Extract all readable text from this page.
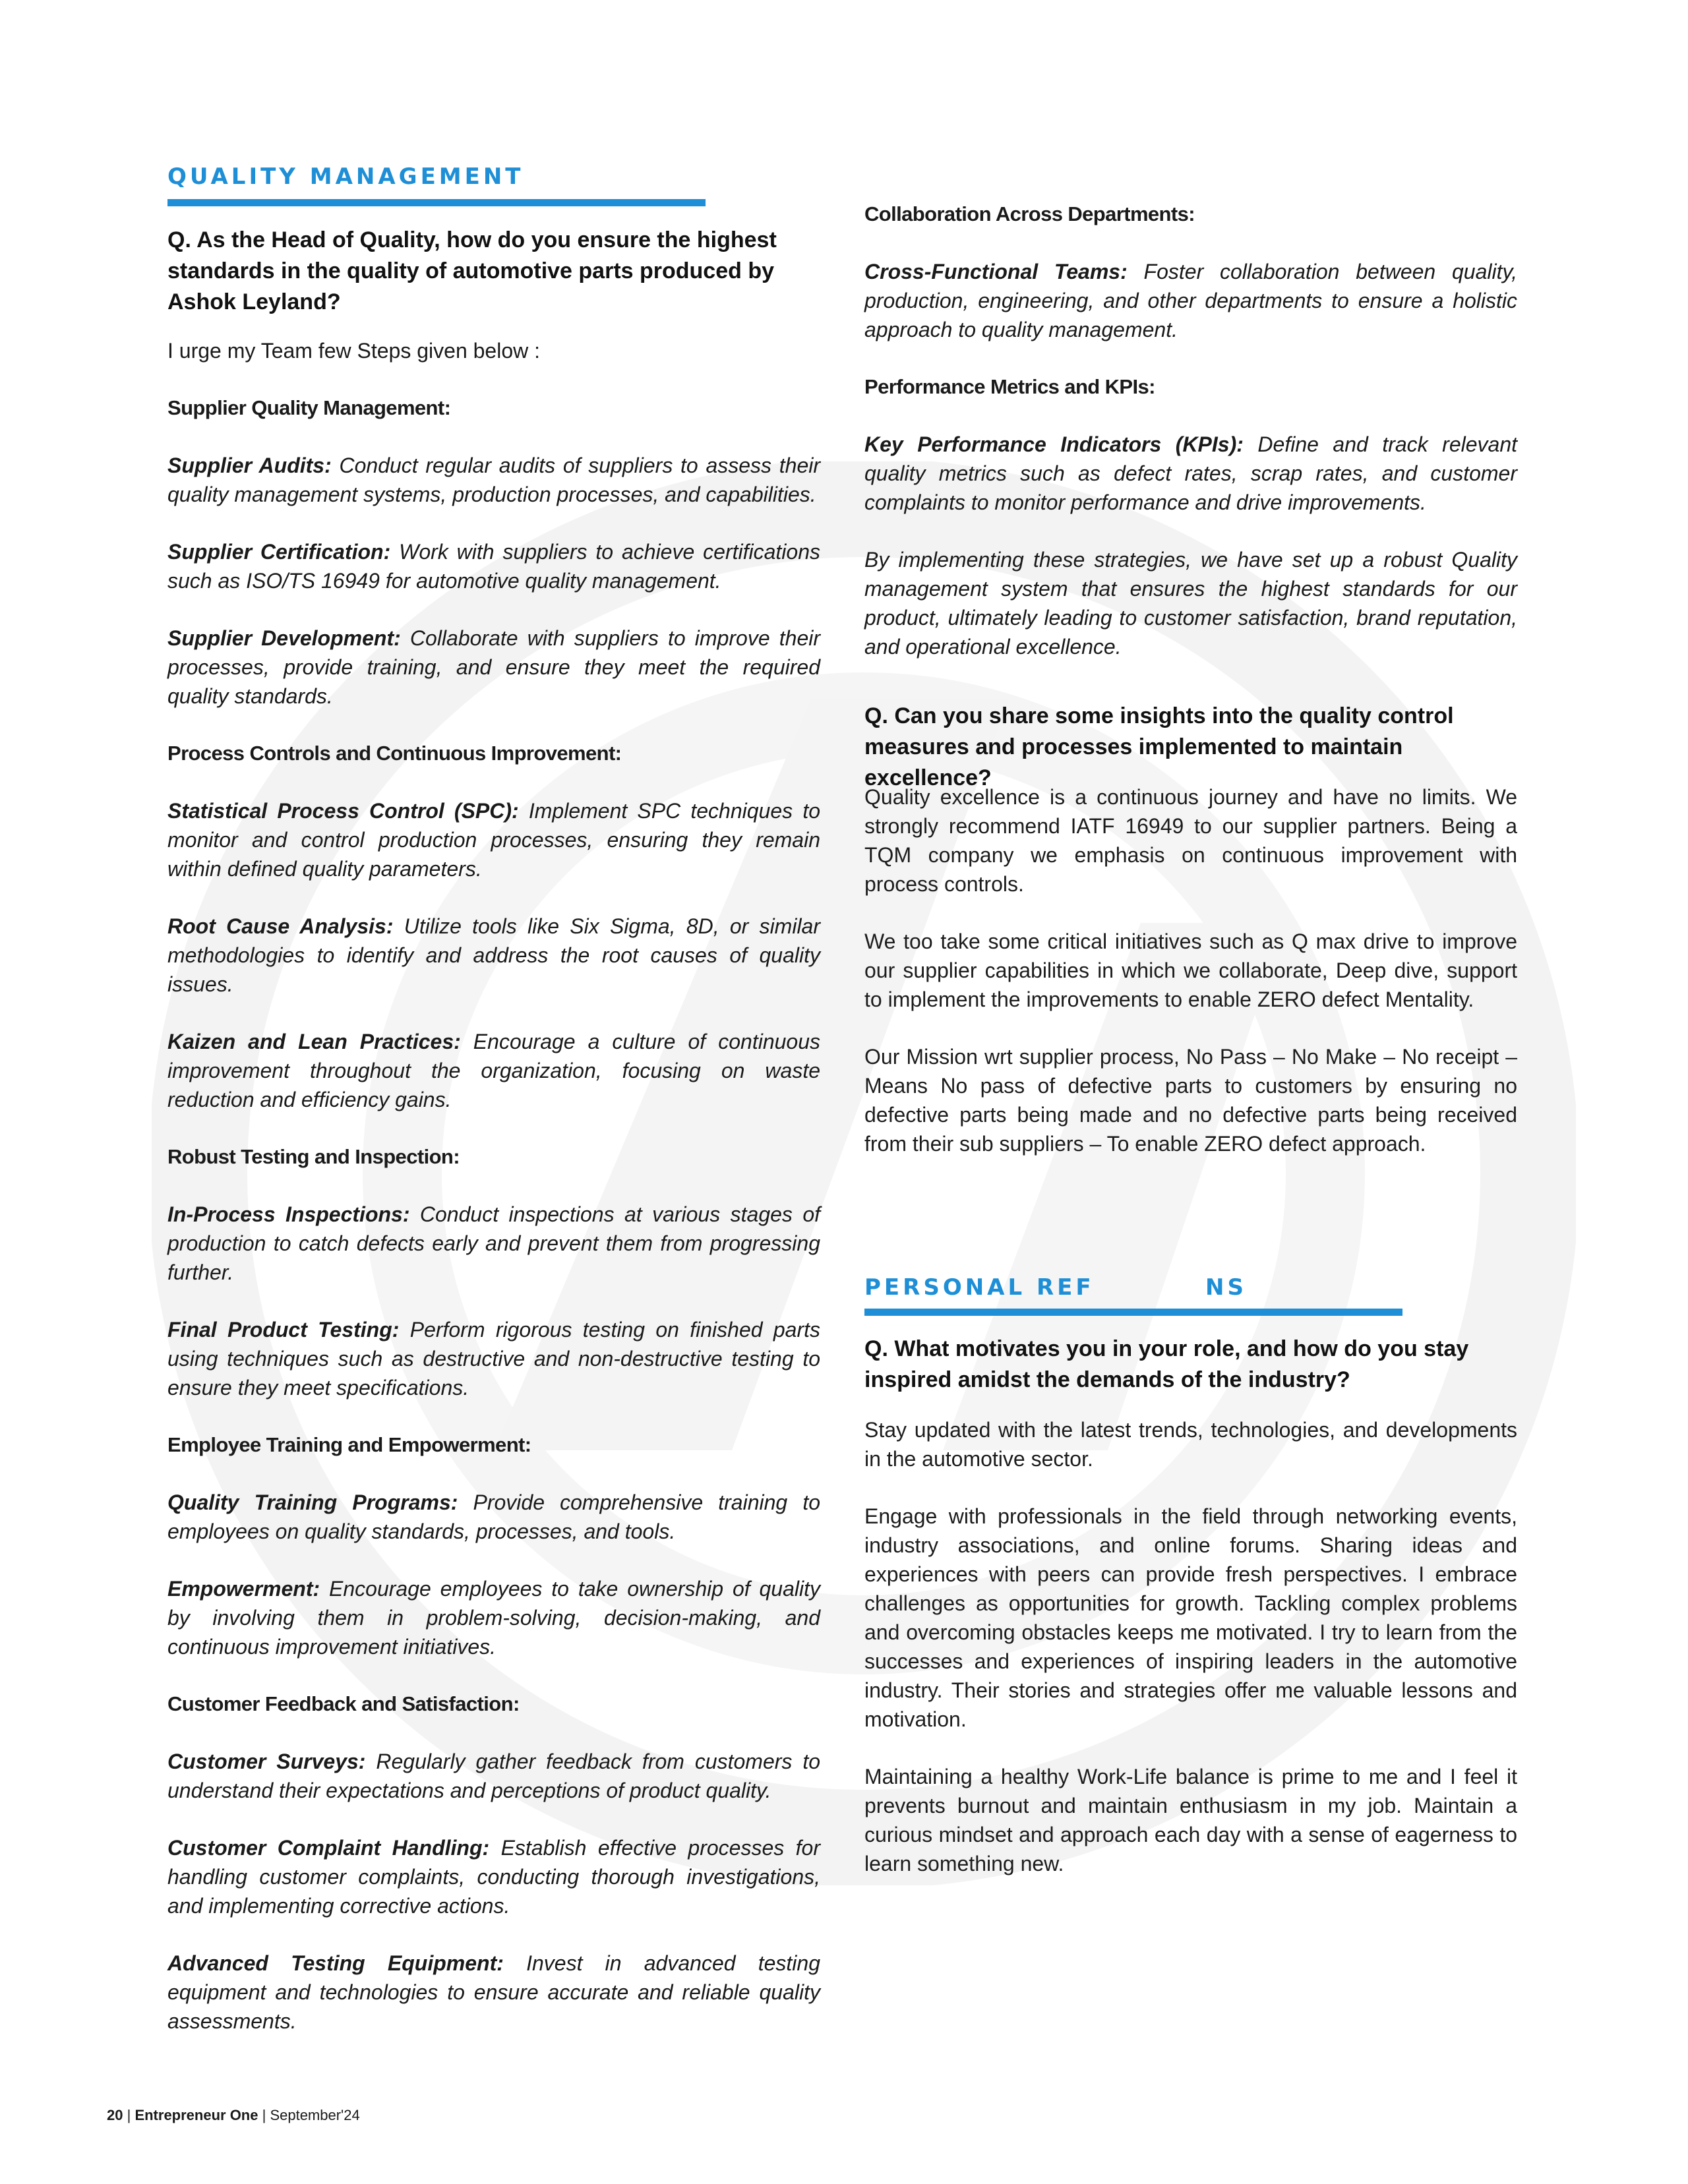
QUALITY MANAGEMENT

Q. As the Head of Quality, how do you ensure the highest standards in the quality of automotive parts produced by Ashok Leyland?

I urge my Team few Steps given below :

Supplier Quality Management:

Supplier Audits: Conduct regular audits of suppliers to assess their quality management systems, production processes, and capabilities.

Supplier Certification: Work with suppliers to achieve certifications such as ISO/TS 16949 for automotive quality management.

Supplier Development: Collaborate with suppliers to improve their processes, provide training, and ensure they meet the required quality standards.

Process Controls and Continuous Improvement:

Statistical Process Control (SPC): Implement SPC techniques to monitor and control production processes, ensuring they remain within defined quality parameters.

Root Cause Analysis: Utilize tools like Six Sigma, 8D, or similar methodologies to identify and address the root causes of quality issues.

Kaizen and Lean Practices: Encourage a culture of continuous improvement throughout the organization, focusing on waste reduction and efficiency gains.

Robust Testing and Inspection:

In-Process Inspections: Conduct inspections at various stages of production to catch defects early and prevent them from progressing further.

Final Product Testing: Perform rigorous testing on finished parts using techniques such as destructive and non-destructive testing to ensure they meet specifications.

Employee Training and Empowerment:

Quality Training Programs: Provide comprehensive training to employees on quality standards, processes, and tools.

Empowerment: Encourage employees to take ownership of quality by involving them in problem-solving, decision-making, and continuous improvement initiatives.

Customer Feedback and Satisfaction:

Customer Surveys: Regularly gather feedback from customers to understand their expectations and perceptions of product quality.

Customer Complaint Handling: Establish effective processes for handling customer complaints, conducting thorough investigations, and implementing corrective actions.

Advanced Testing Equipment: Invest in advanced testing equipment and technologies to ensure accurate and reliable quality assessments.

Collaboration Across Departments:

Cross-Functional Teams: Foster collaboration between quality, production, engineering, and other departments to ensure a holistic approach to quality management.

Performance Metrics and KPIs:

Key Performance Indicators (KPIs): Define and track relevant quality metrics such as defect rates, scrap rates, and customer complaints to monitor performance and drive improvements.

By implementing these strategies, we have set up a robust Quality management system that ensures the highest standards for our product, ultimately leading to customer satisfaction, brand reputation, and operational excellence.

Q. Can you share some insights into the quality control measures and processes implemented to maintain excellence?

Quality excellence is a continuous journey and have no limits. We strongly recommend IATF 16949 to our supplier partners. Being a TQM company we emphasis on continuous improvement with process controls.

We too take some critical initiatives such as Q max drive to improve our supplier capabilities in which we collaborate, Deep dive, support to implement the improvements to enable ZERO defect Mentality.

Our Mission wrt supplier process, No Pass – No Make – No receipt – Means No pass of defective parts to customers by ensuring no defective parts being made and no defective parts being received from their sub suppliers – To enable ZERO defect approach.

PERSONAL REF          NS

Q. What motivates you in your role, and how do you stay inspired amidst the demands of the industry?

Stay updated with the latest trends, technologies, and developments in the automotive sector.

Engage with professionals in the field through networking events, industry associations, and online forums. Sharing ideas and experiences with peers can provide fresh perspectives. I embrace challenges as opportunities for growth. Tackling complex problems and overcoming obstacles keeps me motivated. I try to learn from the successes and experiences of inspiring leaders in the automotive industry. Their stories and strategies offer me valuable lessons and motivation.

Maintaining a healthy Work-Life balance is prime to me and I feel it prevents burnout and maintain enthusiasm in my job. Maintain a curious mindset and approach each day with a sense of eagerness to learn something new.

20 | Entrepreneur One | September'24
